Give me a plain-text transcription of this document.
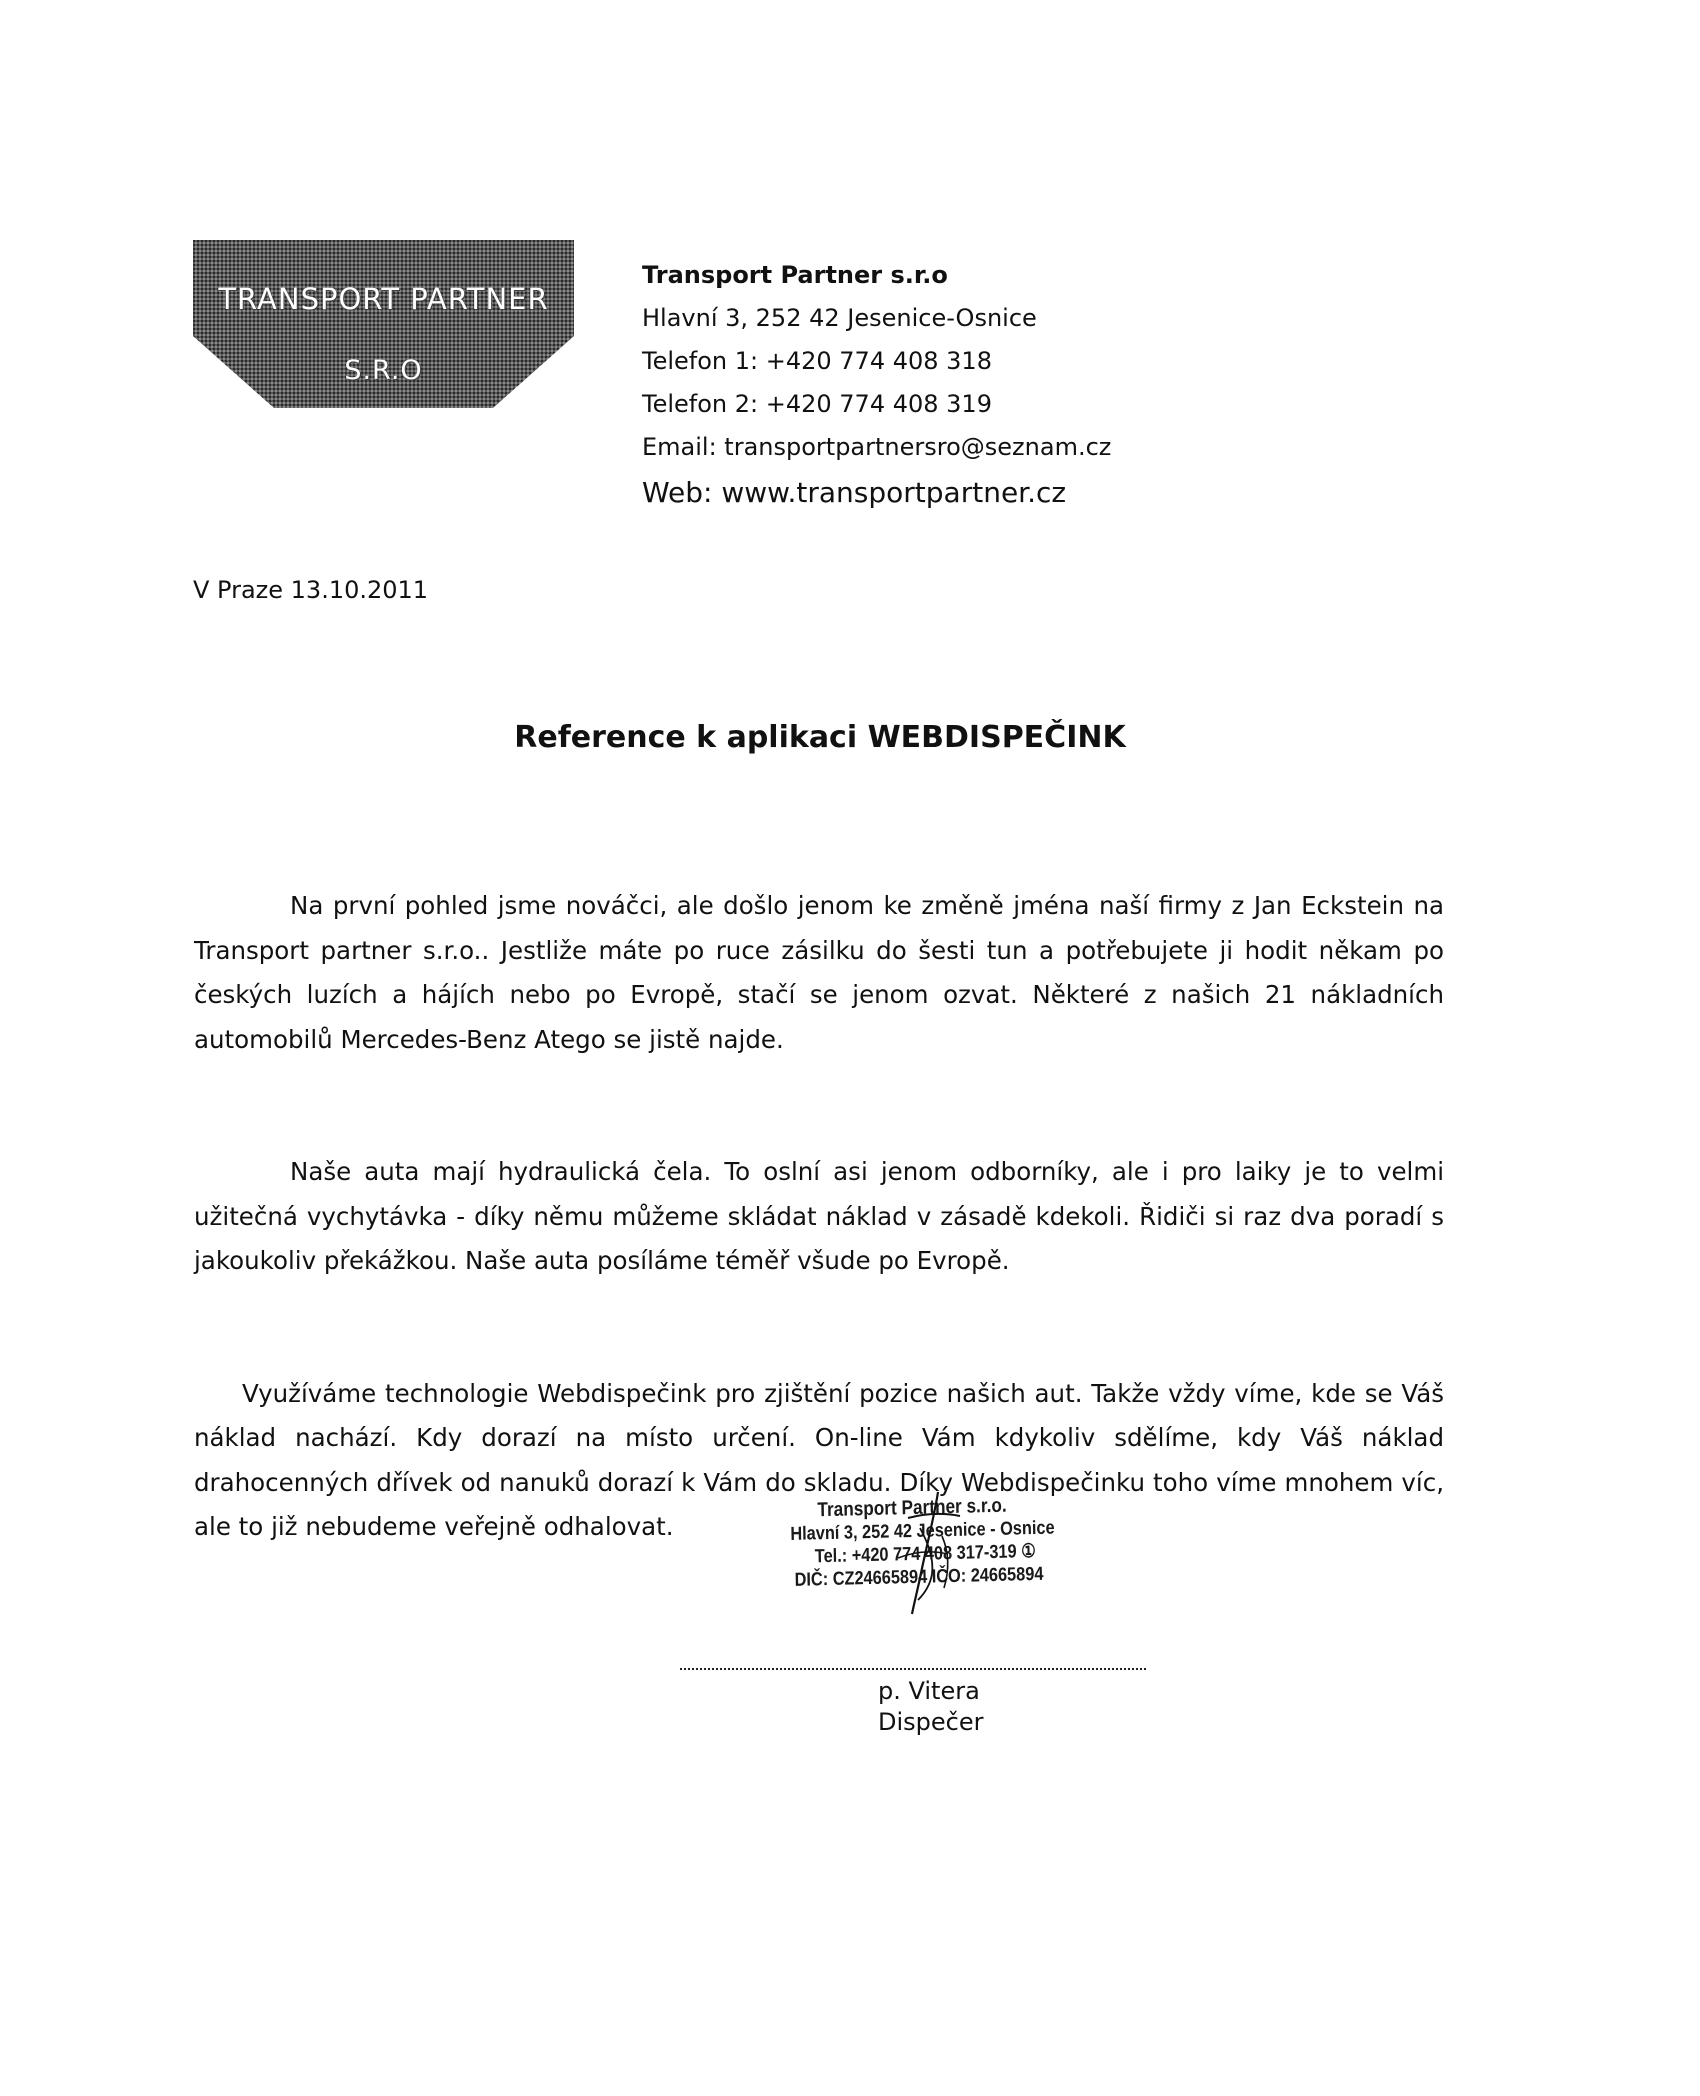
TRANSPORT PARTNER
S.R.O
Transport Partner s.r.o
Hlavní 3, 252 42 Jesenice-Osnice
Telefon 1: +420 774 408 318
Telefon 2: +420 774 408 319
Email: transportpartnersro@seznam.cz
Web: www.transportpartner.cz
V Praze 13.10.2011
Reference k aplikaci WEBDISPEČINK

Na první pohled jsme nováčci, ale došlo jenom ke změně jména naší firmy z Jan Eckstein na Transport partner s.r.o.. Jestliže máte po ruce zásilku do šesti tun a potřebujete ji hodit někam po českých luzích a hájích nebo po Evropě, stačí se jenom ozvat. Některé z našich 21 nákladních automobilů Mercedes-Benz Atego se jistě najde.

Naše auta mají hydraulická čela. To oslní asi jenom odborníky, ale i pro laiky je to velmi užitečná vychytávka - díky němu můžeme skládat náklad v zásadě kdekoli. Řidiči si raz dva poradí s jakoukoliv překážkou. Naše auta posíláme téměř všude po Evropě.

Využíváme technologie Webdispečink pro zjištění pozice našich aut. Takže vždy víme, kde se Váš náklad nachází. Kdy dorazí na místo určení. On-line Vám kdykoliv sdělíme, kdy Váš náklad drahocenných dřívek od nanuků dorazí k Vám do skladu. Díky Webdispečinku toho víme mnohem víc, ale to již nebudeme veřejně odhalovat.

Transport Partner s.r.o.
Hlavní 3, 252 42 Jesenice - Osnice
Tel.: +420 774 408 317-319 ①
DIČ: CZ24665894 IČO: 24665894
p. Vitera
Dispečer
